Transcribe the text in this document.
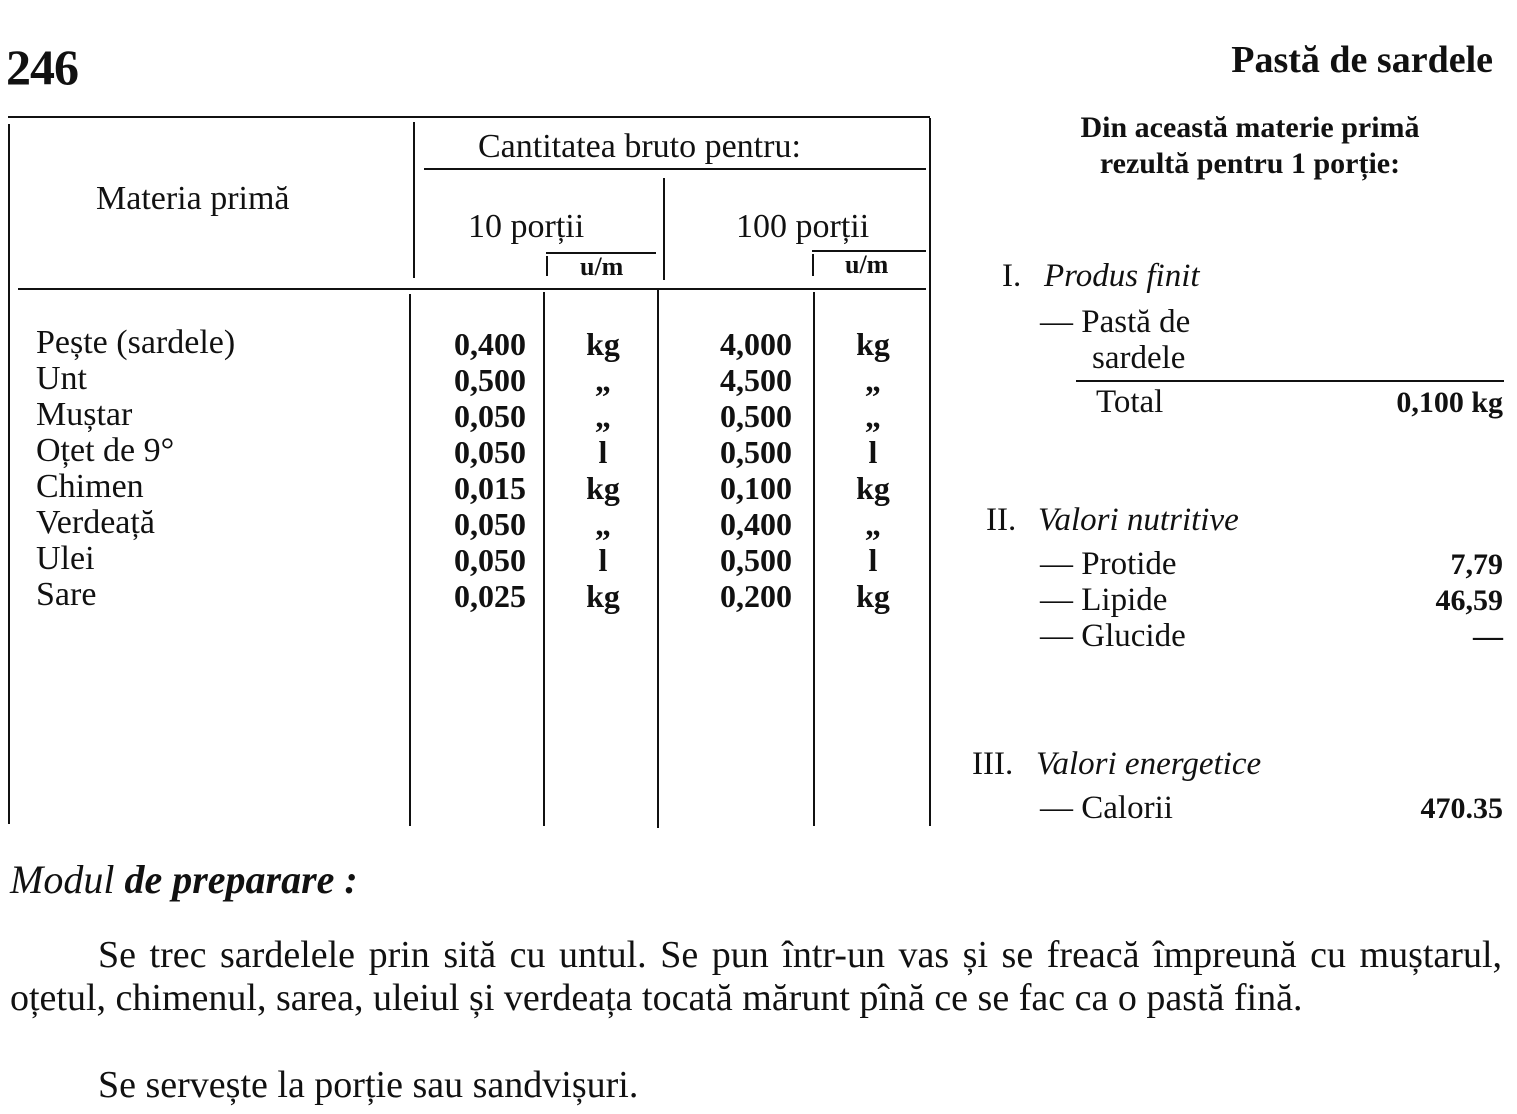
246	Pastă de sardele
Materia primă
Cantitatea bruto pentru:
10 porții	100 porții
u/m	u/m
Pește (sardele)	0,400	kg	4,000	kg
Unt	0,500	„	4,500	„
Muștar	0,050	„	0,500	„
Oțet de 9°	0,050	l	0,500	l
Chimen	0,015	kg	0,100	kg
Verdeață	0,050	„	0,400	„
Ulei	0,050	l	0,500	l
Sare	0,025	kg	0,200	kg
Din această materie primă
rezultă pentru 1 porție:
I. Produs finit
— Pastă de
sardele
Total	0,100 kg
II. Valori nutritive
— Protide	7,79
— Lipide	46,59
— Glucide	—
III. Valori energetice
— Calorii	470.35
Modul de preparare :
Se trec sardelele prin sită cu untul. Se pun într-un vas și se freacă împreună cu muștarul, oțetul, chimenul, sarea, uleiul și verdeața tocată mărunt pînă ce se fac ca o pastă fină.
Se servește la porție sau sandvișuri.
